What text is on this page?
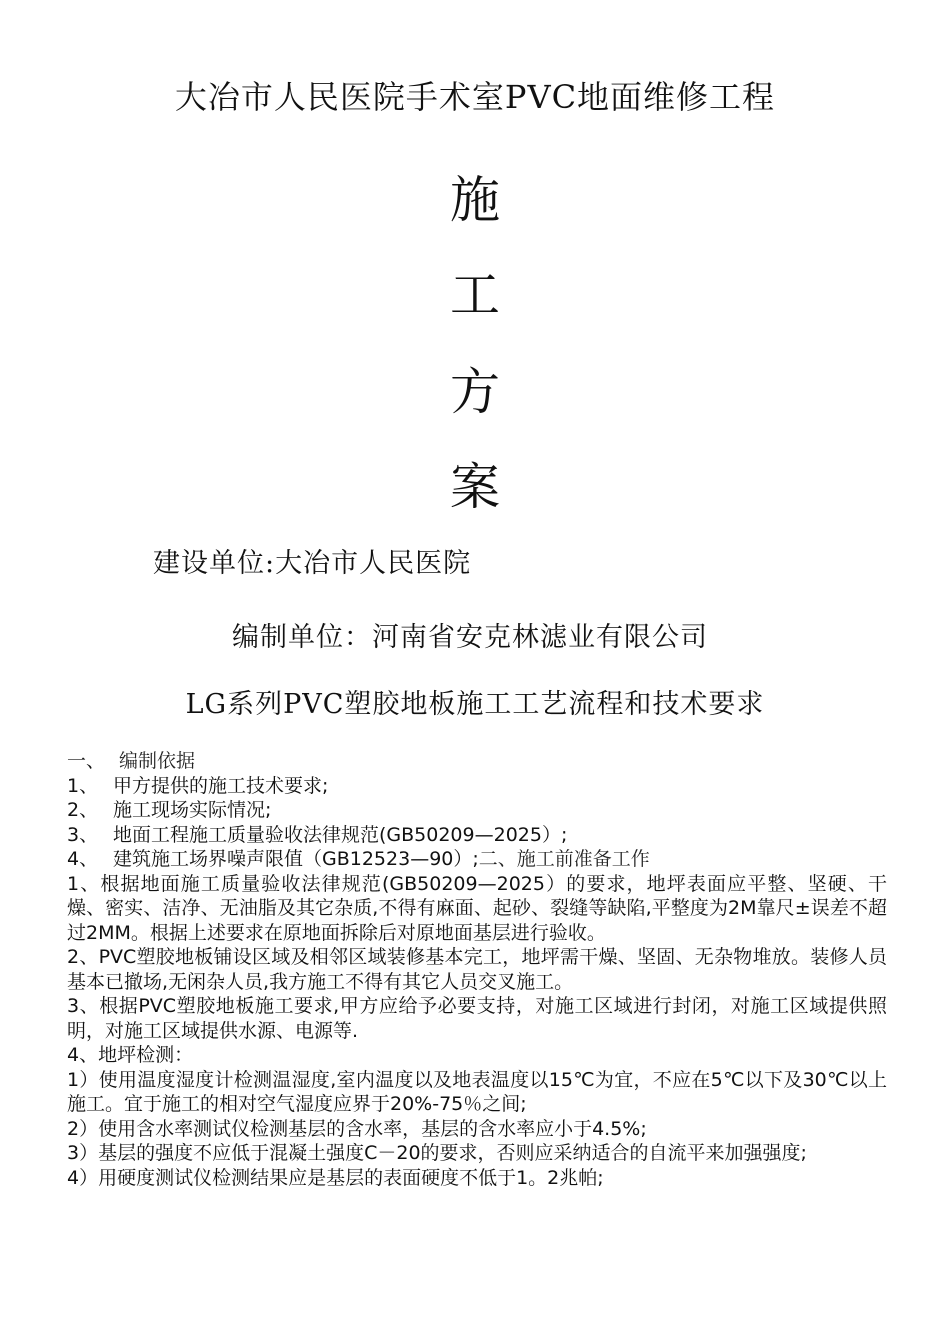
大冶市人民医院手术室PVC地面维修工程
施
工
方
案
建设单位:大冶市人民医院
编制单位：河南省安克林滤业有限公司
LG系列PVC塑胶地板施工工艺流程和技术要求

一、 编制依据

1、 甲方提供的施工技术要求;

2、 施工现场实际情况;

3、 地面工程施工质量验收法律规范(GB50209—2025）;

4、 建筑施工场界噪声限值（GB12523—90）;二、施工前准备工作

1、根据地面施工质量验收法律规范(GB50209—2025）的要求，地坪表面应平整、坚硬、干燥、密实、洁净、无油脂及其它杂质,不得有麻面、起砂、裂缝等缺陷,平整度为2M靠尺±误差不超过2MM。根据上述要求在原地面拆除后对原地面基层进行验收。

2、PVC塑胶地板铺设区域及相邻区域装修基本完工，地坪需干燥、坚固、无杂物堆放。装修人员基本已撤场,无闲杂人员,我方施工不得有其它人员交叉施工。

3、根据PVC塑胶地板施工要求,甲方应给予必要支持，对施工区域进行封闭，对施工区域提供照明，对施工区域提供水源、电源等.

4、地坪检测：

1）使用温度湿度计检测温湿度,室内温度以及地表温度以15℃为宜，不应在5℃以下及30℃以上施工。宜于施工的相对空气湿度应界于20%-75％之间;

2）使用含水率测试仪检测基层的含水率，基层的含水率应小于4.5%;

3）基层的强度不应低于混凝土强度C－20的要求，否则应采纳适合的自流平来加强强度;

4）用硬度测试仪检测结果应是基层的表面硬度不低于1。2兆帕;
